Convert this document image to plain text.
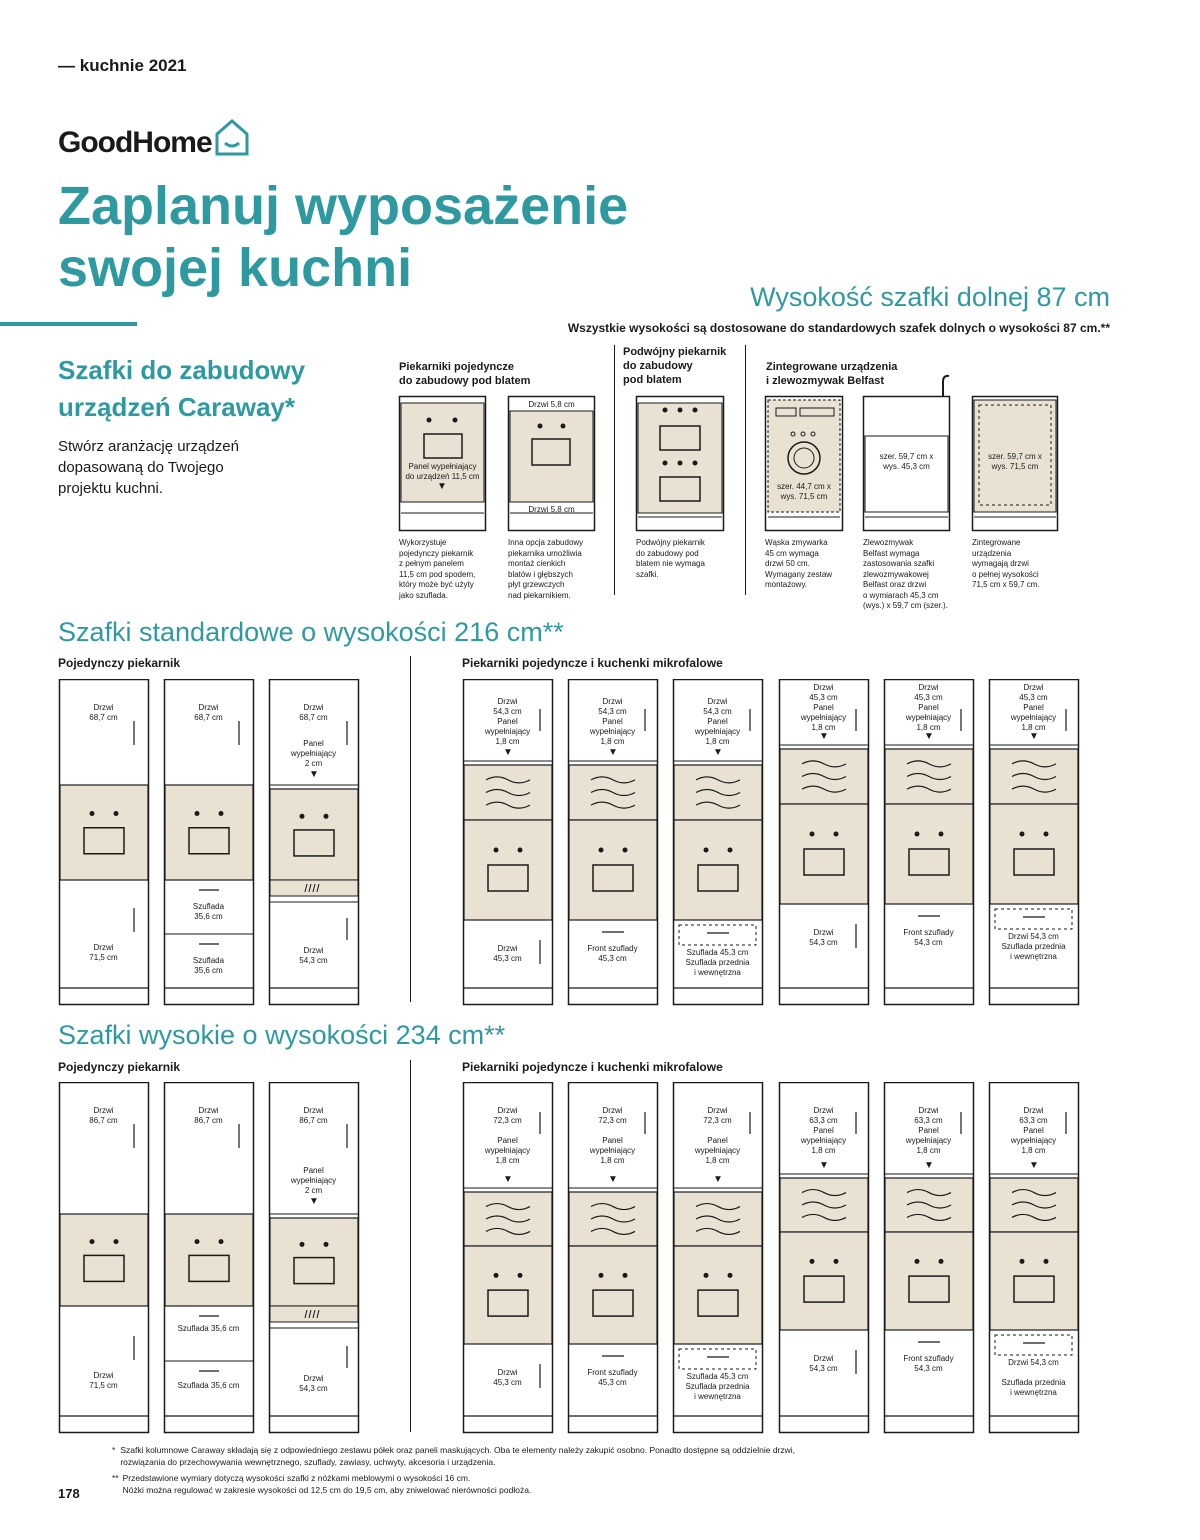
— kuchnie 2021
GoodHome
Zaplanuj wyposażenie
swojej kuchni
Szafki do zabudowy
urządzeń Caraway*
Stwórz aranżację urządzeń
dopasowaną do Twojego
projektu kuchni.
Wysokość szafki dolnej 87 cm
Wszystkie wysokości są dostosowane do standardowych szafek dolnych o wysokości 87 cm.**
Piekarniki pojedyncze
do zabudowy pod blatem
Podwójny piekarnik
do zabudowy
pod blatem
Zintegrowane urządzenia
i zlewozmywak Belfast
Panel wypełniający
do urządzeń 11,5 cm
▼
Drzwi 5,8 cm
Drzwi 5,8 cm
szer. 44,7 cm x
wys. 71,5 cm
szer. 59,7 cm x
wys. 45,3 cm
szer. 59,7 cm x
wys. 71,5 cm
Wykorzystuje
pojedynczy piekarnik
z pełnym panelem
11,5 cm pod spodem,
który może być użyty
jako szuflada.
Inna opcja zabudowy
piekarnika umożliwia
montaż cienkich
blatów i głębszych
płyt grzewczych
nad piekarnikiem.
Podwójny piekarnik
do zabudowy pod
blatem nie wymaga
szafki.
Wąska zmywarka
45 cm wymaga
drzwi 50 cm.
Wymagany zestaw
montażowy.
Zlewozmywak
Belfast wymaga
zastosowania szafki
zlewozmywakowej
Belfast oraz drzwi
o wymiarach 45,3 cm
(wys.) x 59,7 cm (szer.).
Zintegrowane
urządzenia
wymagają drzwi
o pełnej wysokości
71,5 cm x 59,7 cm.
Szafki standardowe o wysokości 216 cm**
Pojedynczy piekarnik	Piekarniki pojedyncze i kuchenki mikrofalowe
Drzwi
68,7 cm
Drzwi
71,5 cm
Drzwi
68,7 cm
Szuflada
35,6 cm
Szuflada
35,6 cm
Drzwi
68,7 cm
Panel
wypełniający
2 cm
▼
Drzwi
54,3 cm
▼
Drzwi
54,3 cm
Panel
wypełniający
1,8 cm
Drzwi
45,3 cm
▼
Drzwi
54,3 cm
Panel
wypełniający
1,8 cm
Front szuflady
45,3 cm
▼
Drzwi
54,3 cm
Panel
wypełniający
1,8 cm
Szuflada 45,3 cm
Szuflada przednia
i wewnętrzna
▼
Drzwi
45,3 cm
Panel
wypełniający
1,8 cm
Drzwi
54,3 cm
▼
Drzwi
45,3 cm
Panel
wypełniający
1,8 cm
Front szuflady
54,3 cm
▼
Drzwi
45,3 cm
Panel
wypełniający
1,8 cm
Drzwi 54,3 cm
Szuflada przednia
i wewnętrzna
Szafki wysokie o wysokości 234 cm**
Pojedynczy piekarnik	Piekarniki pojedyncze i kuchenki mikrofalowe
Drzwi
86,7 cm
Drzwi
71,5 cm
Drzwi
86,7 cm
Szuflada 35,6 cm
Szuflada 35,6 cm
Drzwi
86,7 cm
Panel
wypełniający
2 cm
▼
Drzwi
54,3 cm
▼
Drzwi
72,3 cm

Panel
wypełniający
1,8 cm
Drzwi
45,3 cm
▼
Drzwi
72,3 cm

Panel
wypełniający
1,8 cm
Front szuflady
45,3 cm
▼
Drzwi
72,3 cm

Panel
wypełniający
1,8 cm
Szuflada 45,3 cm
Szuflada przednia
i wewnętrzna
▼
Drzwi
63,3 cm
Panel
wypełniający
1,8 cm
Drzwi
54,3 cm
▼
Drzwi
63,3 cm
Panel
wypełniający
1,8 cm
Front szuflady
54,3 cm
▼
Drzwi
63,3 cm
Panel
wypełniający
1,8 cm
Drzwi 54,3 cm

Szuflada przednia
i wewnętrzna
* Szafki kolumnowe Caraway składają się z odpowiedniego zestawu półek oraz paneli maskujących. Oba te elementy należy zakupić osobno. Ponadto dostępne są oddzielnie drzwi,
rozwiązania do przechowywania wewnętrznego, szuflady, zawiasy, uchwyty, akcesoria i urządzenia.
** Przedstawione wymiary dotyczą wysokości szafki z nóżkami meblowymi o wysokości 16 cm.
Nóżki można regulować w zakresie wysokości od 12,5 cm do 19,5 cm, aby zniwelować nierówności podłoża.
178
